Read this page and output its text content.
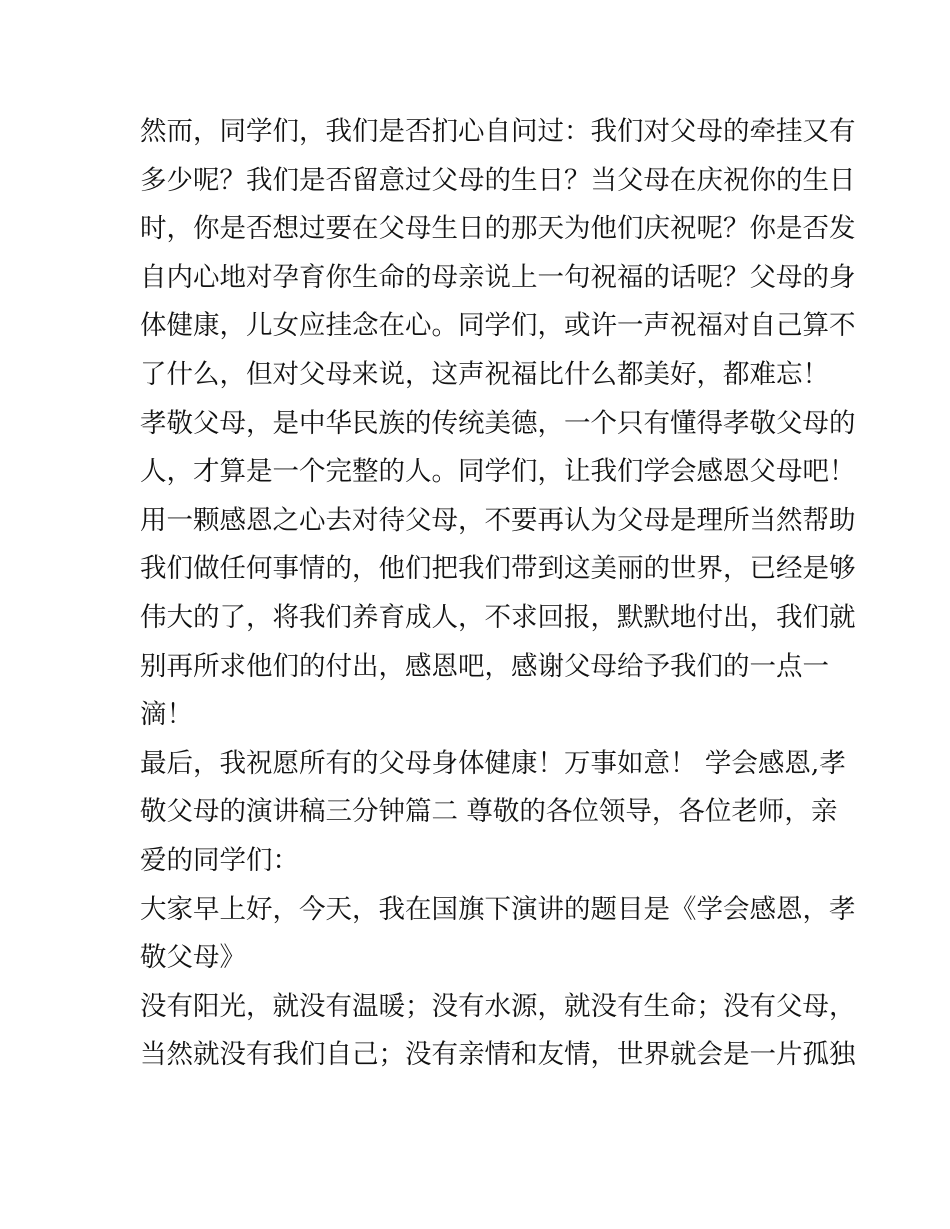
然而，同学们，我们是否扪心自问过：我们对父母的牵挂又有
多少呢？我们是否留意过父母的生日？当父母在庆祝你的生日
时，你是否想过要在父母生日的那天为他们庆祝呢？你是否发
自内心地对孕育你生命的母亲说上一句祝福的话呢？父母的身
体健康，儿女应挂念在心。同学们，或许一声祝福对自己算不
了什么，但对父母来说，这声祝福比什么都美好，都难忘！
孝敬父母，是中华民族的传统美德，一个只有懂得孝敬父母的
人，才算是一个完整的人。同学们，让我们学会感恩父母吧！
用一颗感恩之心去对待父母，不要再认为父母是理所当然帮助
我们做任何事情的，他们把我们带到这美丽的世界，已经是够
伟大的了，将我们养育成人，不求回报，默默地付出，我们就
别再所求他们的付出，感恩吧，感谢父母给予我们的一点一
滴！
最后，我祝愿所有的父母身体健康！万事如意！ 学会感恩,孝
敬父母的演讲稿三分钟篇二 尊敬的各位领导，各位老师，亲
爱的同学们：
大家早上好，今天，我在国旗下演讲的题目是《学会感恩，孝
敬父母》
没有阳光，就没有温暖；没有水源，就没有生命；没有父母，
当然就没有我们自己；没有亲情和友情，世界就会是一片孤独
